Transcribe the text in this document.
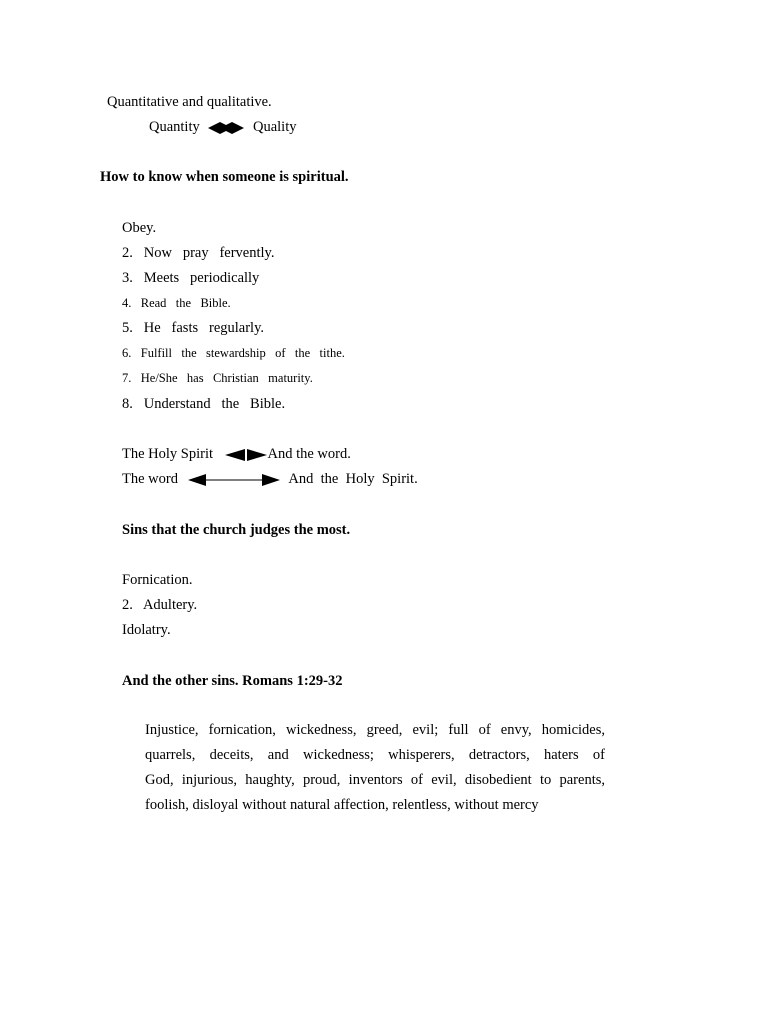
Quantitative and qualitative.
Quantity	Quality
How to know when someone is spiritual.
Obey.
2.   Now   pray   fervently.
3.   Meets   periodically
4.   Read   the   Bible.
5.   He   fasts   regularly.
6.   Fulfill   the   stewardship   of   the   tithe.
7.   He/She   has   Christian   maturity.
8.   Understand   the   Bible.
The Holy Spirit	And the word.
The word	And  the  Holy  Spirit.
Sins that the church judges the most.
Fornication.
2.   Adultery.
Idolatry.
And the other sins. Romans 1:29-32

Injustice, fornication, wickedness, greed, evil; full of envy, homicides,

quarrels, deceits, and wickedness; whisperers, detractors, haters of

God, injurious, haughty, proud, inventors of evil, disobedient to parents,

foolish, disloyal without natural affection, relentless, without mercy
